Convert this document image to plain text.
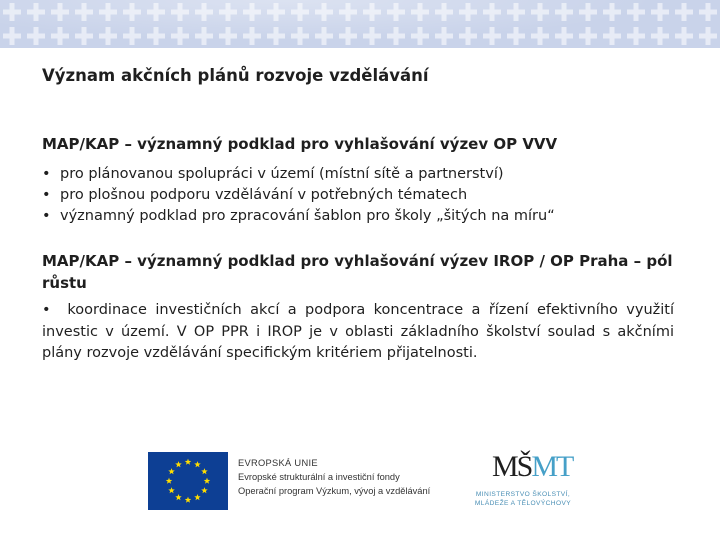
Význam akčních plánů rozvoje vzdělávání

MAP/KAP – významný podklad pro vyhlašování výzev OP VVV

• pro plánovanou spolupráci v území (místní sítě a partnerství)
• pro plošnou podporu vzdělávání v potřebných tématech
• významný podklad pro zpracování šablon pro školy „šitých na míru“

MAP/KAP – významný podklad pro vyhlašování výzev IROP / OP Praha – pól růstu

• koordinace investičních akcí a podpora koncentrace a řízení efektivního využití investic v území. V OP PPR i IROP je v oblasti základního školství soulad s akčními plány rozvoje vzdělávání specifickým kritériem přijatelnosti.

EVROPSKÁ UNIE
Evropské strukturální a investiční fondy
Operační program Výzkum, vývoj a vzdělávání
MŠMT
MINISTERSTVO ŠKOLSTVÍ,
MLÁDEŽE A TĚLOVÝCHOVY
